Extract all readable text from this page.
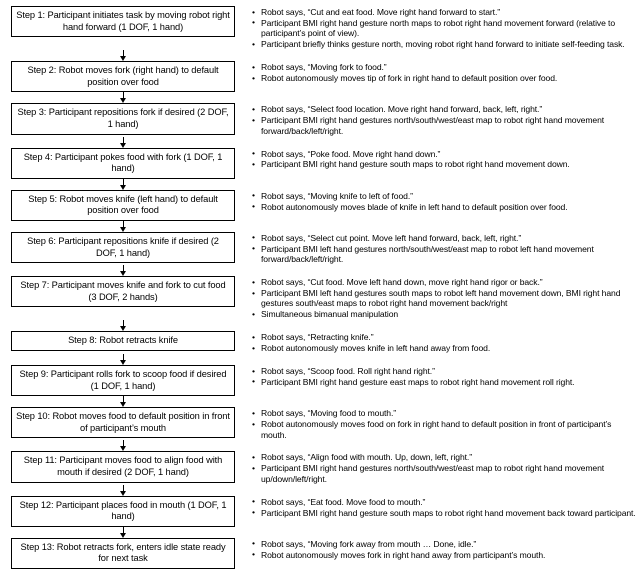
Step 1: Participant initiates task by moving robot right hand forward (1 DOF, 1 hand)
• Robot says, “Cut and eat food. Move right hand forward to start.”
• Participant BMI right hand gesture north maps to robot right hand movement forward (relative to participant’s point of view).
• Participant briefly thinks gesture north, moving robot right hand forward to initiate self-feeding task.
Step 2: Robot moves fork (right hand) to default position over food
• Robot says, “Moving fork to food.”
• Robot autonomously moves tip of fork in right hand to default position over food.
Step 3: Participant repositions fork if desired (2 DOF, 1 hand)
• Robot says, “Select food location. Move right hand forward, back, left, right.”
• Participant BMI right hand gestures north/south/west/east map to robot right hand movement forward/back/left/right.
Step 4: Participant pokes food with fork (1 DOF, 1 hand)
• Robot says, “Poke food. Move right hand down.”
• Participant BMI right hand gesture south maps to robot right hand movement down.
Step 5: Robot moves knife (left hand) to default position over food
• Robot says, “Moving knife to left of food.”
• Robot autonomously moves blade of knife in left hand to default position over food.
Step 6: Participant repositions knife if desired (2 DOF, 1 hand)
• Robot says, “Select cut point. Move left hand forward, back, left, right.”
• Participant BMI left hand gestures north/south/west/east map to robot left hand movement forward/back/left/right.
Step 7: Participant moves knife and fork to cut food (3 DOF, 2 hands)
• Robot says, “Cut food. Move left hand down, move right hand rigor or back.”
• Participant BMI left hand gestures south maps to robot left hand movement down, BMI right hand gestures south/east maps to robot right hand movement back/right
• Simultaneous bimanual manipulation
Step 8: Robot retracts knife	• Robot says, “Retracting knife.”
• Robot autonomously moves knife in left hand away from food.
Step 9: Participant rolls fork to scoop food if desired (1 DOF, 1 hand)
• Robot says, “Scoop food. Roll right hand right.”
• Participant BMI right hand gesture east maps to robot right hand movement roll right.
Step 10: Robot moves food to default position in front of participant’s mouth
• Robot says, “Moving food to mouth.”
• Robot autonomously moves food on fork in right hand to default position in front of participant’s mouth.
Step 11: Participant moves food to align food with mouth if desired (2 DOF, 1 hand)
• Robot says, “Align food with mouth. Up, down, left, right.”
• Participant BMI right hand gestures north/south/west/east map to robot right hand movement up/down/left/right.
Step 12: Participant places food in mouth (1 DOF, 1 hand)
• Robot says, “Eat food. Move food to mouth.”
• Participant BMI right hand gesture south maps to robot right hand movement back toward participant.
Step 13: Robot retracts fork, enters idle state ready for next task
• Robot says, “Moving fork away from mouth … Done, idle.”
• Robot autonomously moves fork in right hand away from participant’s mouth.
